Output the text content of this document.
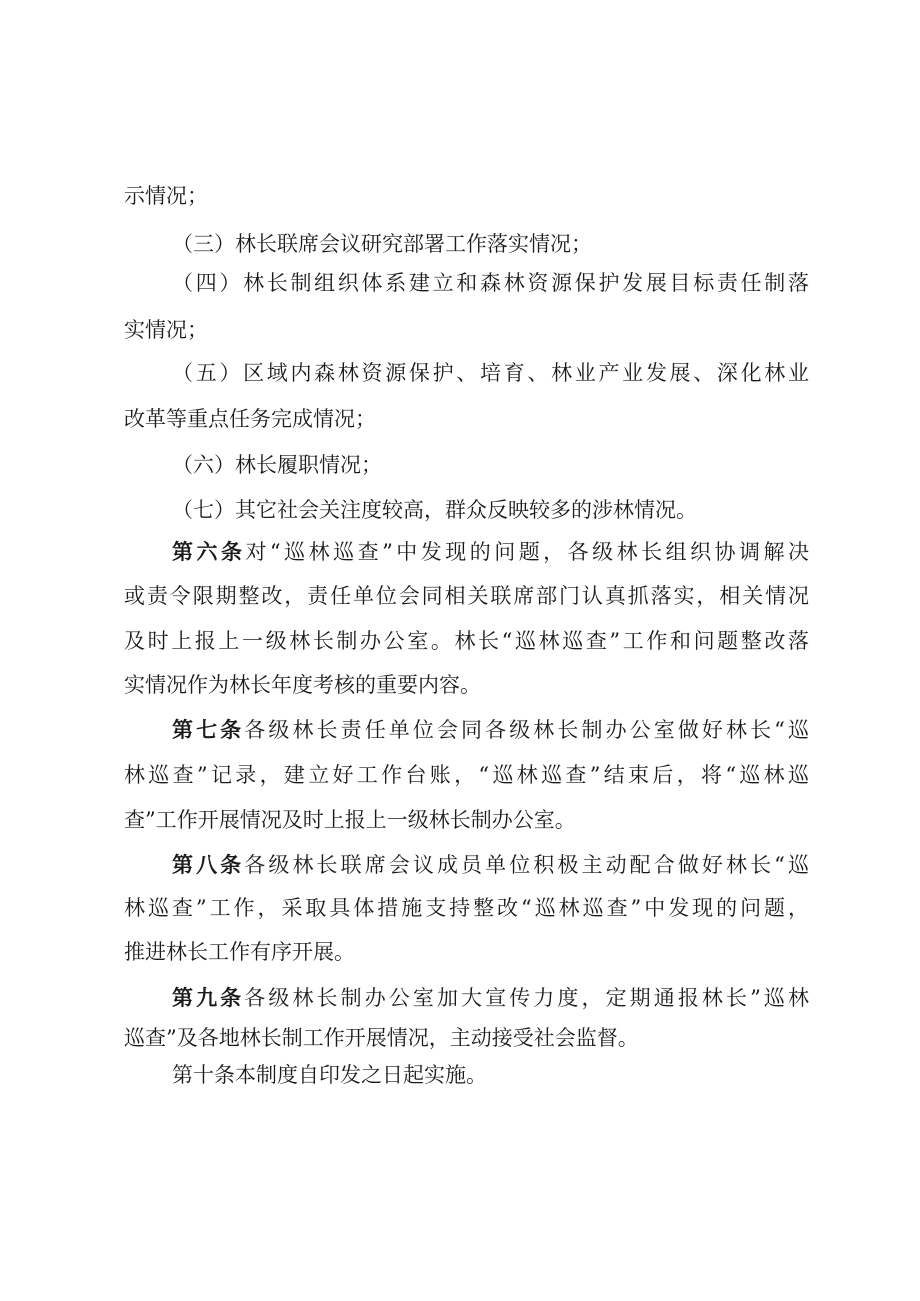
示情况；
（三）林长联席会议研究部署工作落实情况；
（四）林长制组织体系建立和森林资源保护发展目标责任制落
实情况；
（五）区域内森林资源保护、培育、林业产业发展、深化林业
改革等重点任务完成情况；
（六）林长履职情况；
（七）其它社会关注度较高，群众反映较多的涉林情况。
第六条对“巡林巡查”中发现的问题，各级林长组织协调解决
或责令限期整改，责任单位会同相关联席部门认真抓落实，相关情况
及时上报上一级林长制办公室。林长“巡林巡查”工作和问题整改落
实情况作为林长年度考核的重要内容。
第七条各级林长责任单位会同各级林长制办公室做好林长“巡
林巡查”记录，建立好工作台账，“巡林巡查”结束后，将“巡林巡
查”工作开展情况及时上报上一级林长制办公室。
第八条各级林长联席会议成员单位积极主动配合做好林长“巡
林巡查”工作，采取具体措施支持整改“巡林巡查”中发现的问题，
推进林长工作有序开展。
第九条各级林长制办公室加大宣传力度，定期通报林长”巡林
巡查”及各地林长制工作开展情况，主动接受社会监督。
第十条本制度自印发之日起实施。
